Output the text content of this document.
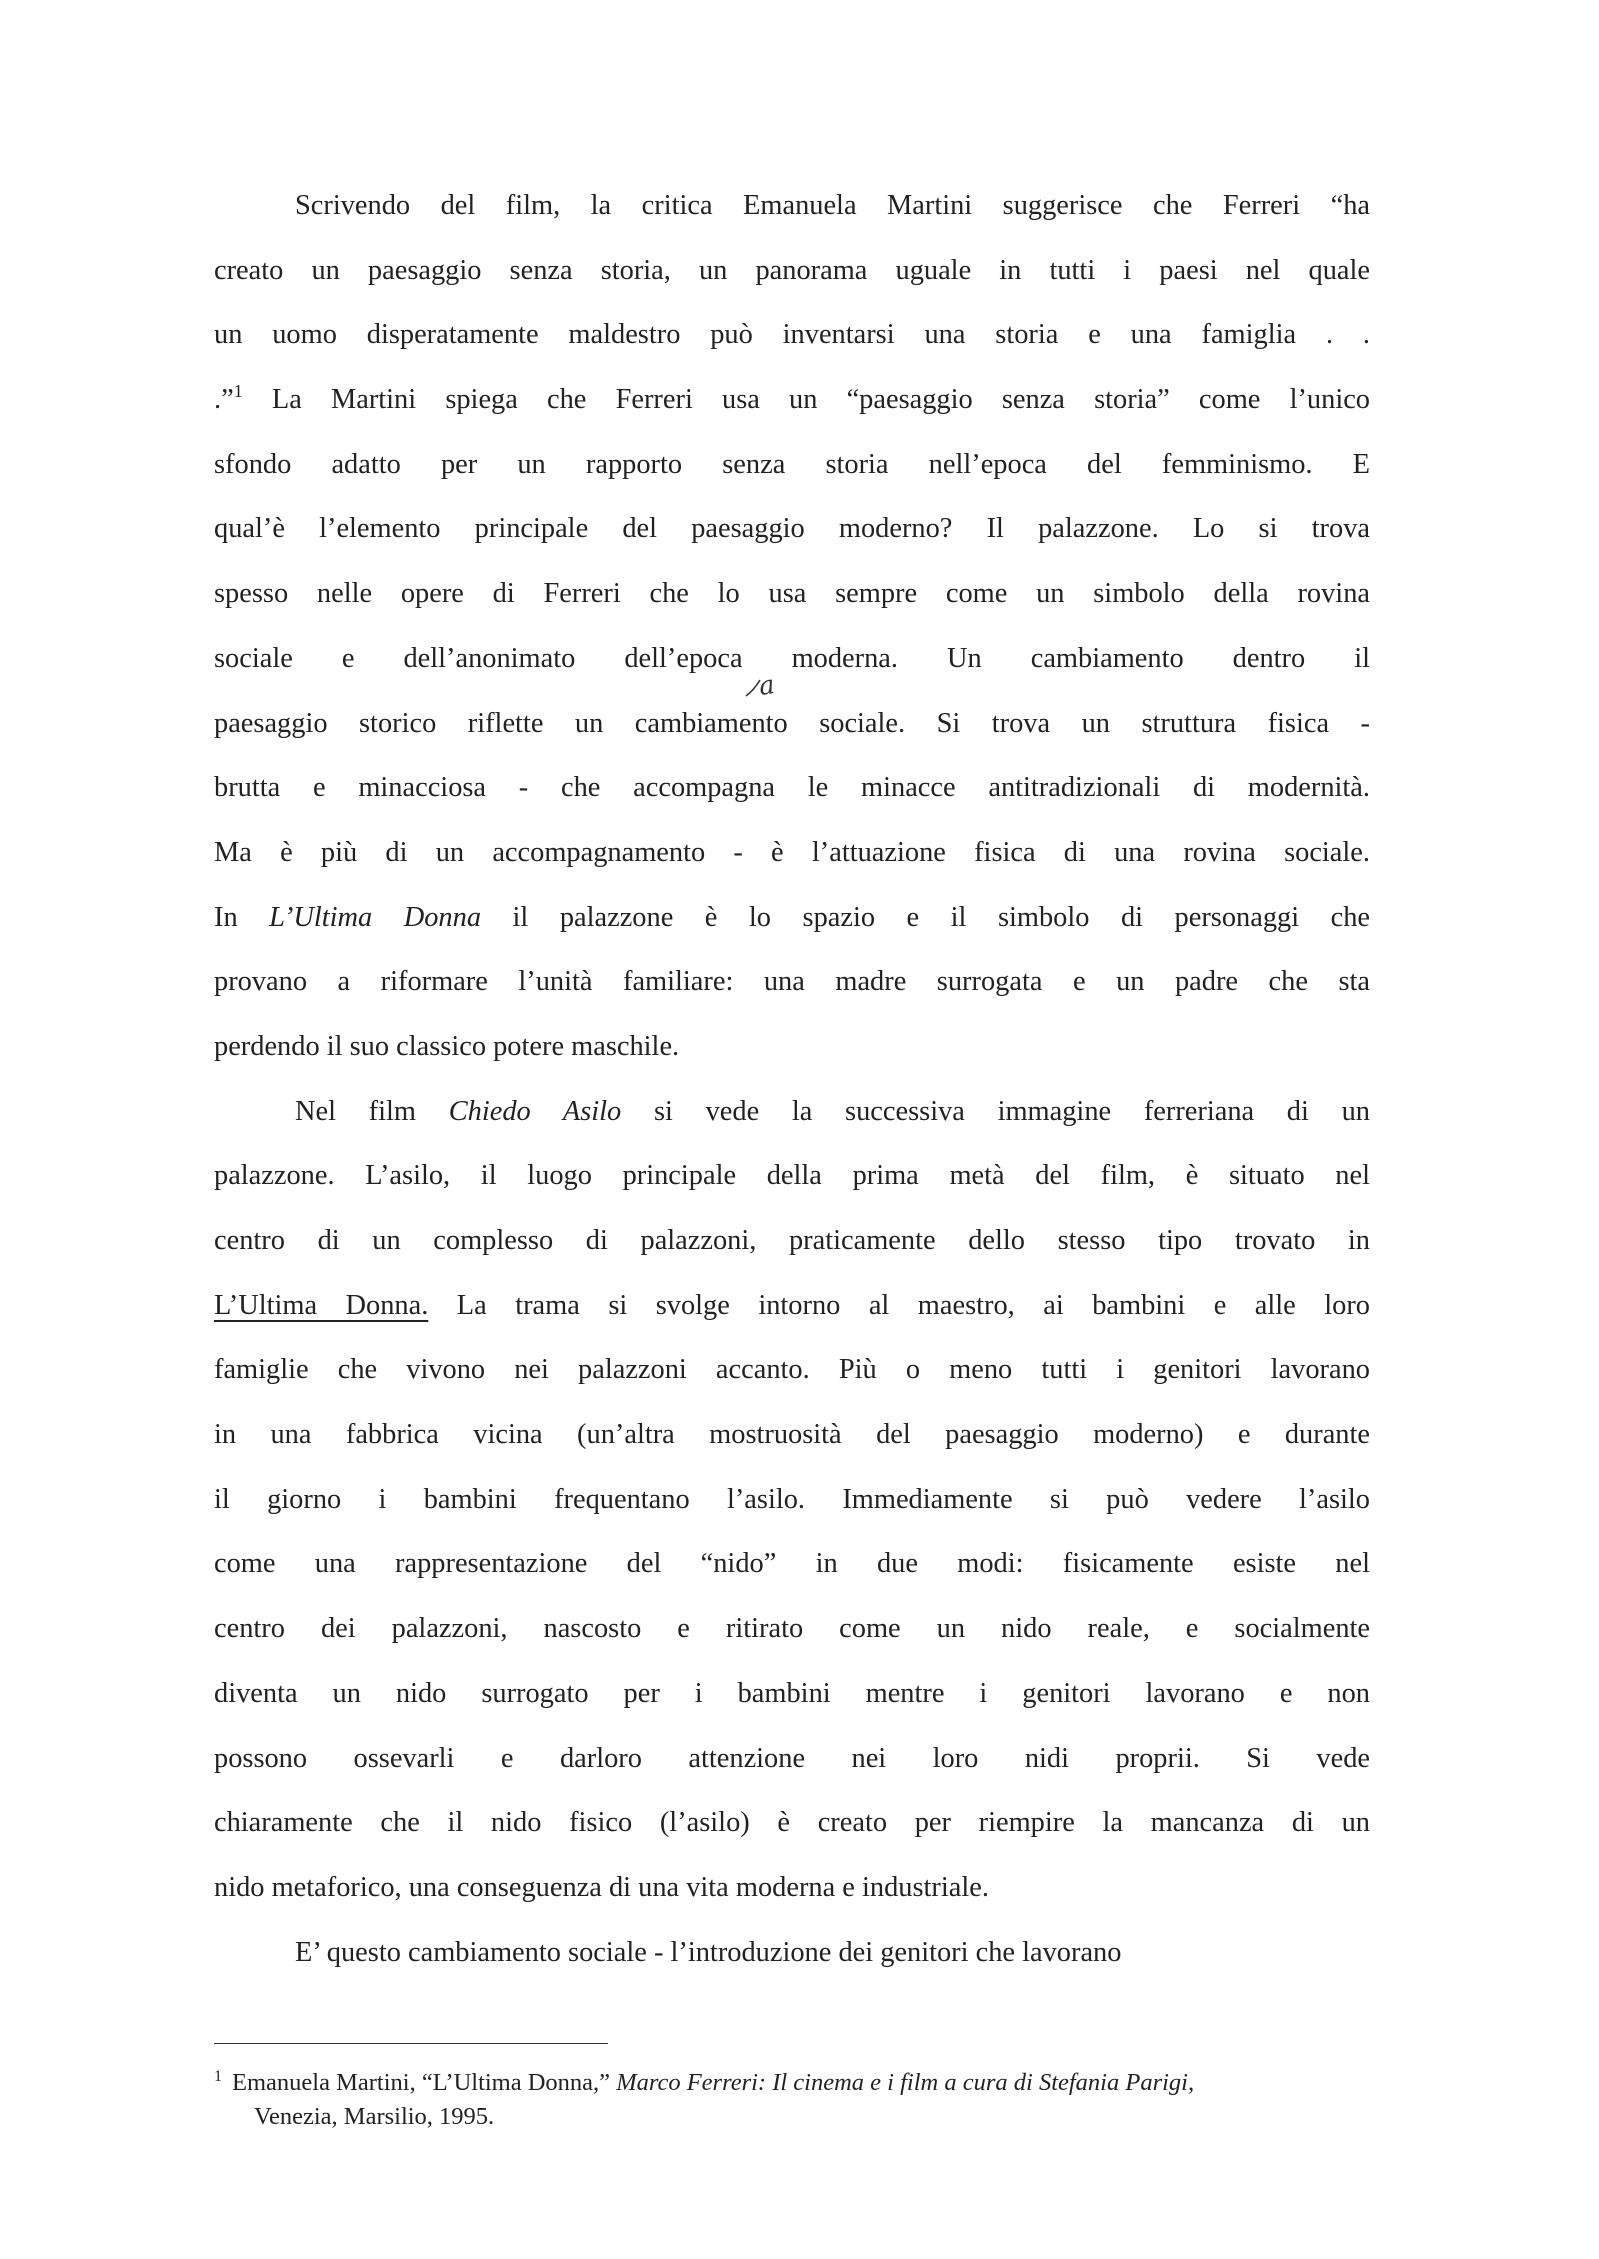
Scrivendo del film, la critica Emanuela Martini suggerisce che Ferreri “ha
creato un paesaggio senza storia, un panorama uguale in tutti i paesi nel quale
un uomo disperatamente maldestro può inventarsi una storia e una famiglia . .
.”$^1$ La Martini spiega che Ferreri usa un “paesaggio senza storia” come l’unico
sfondo adatto per un rapporto senza storia nell’epoca del femminismo. E
qual’è l’elemento principale del paesaggio moderno? Il palazzone. Lo si trova
spesso nelle opere di Ferreri che lo usa sempre come un simbolo della rovina
sociale e dell’anonimato dell’epoca moderna. Un cambiamento dentro il
paesaggio storico riflette un cambiamento sociale. Si trova un struttura fisica -
brutta e minacciosa - che accompagna le minacce antitradizionali di modernità.
Ma è più di un accompagnamento - è l’attuazione fisica di una rovina sociale.
In L’Ultima Donna il palazzone è lo spazio e il simbolo di personaggi che
provano a riformare l’unità familiare: una madre surrogata e un padre che sta
perdendo il suo classico potere maschile.
Nel film Chiedo Asilo si vede la successiva immagine ferreriana di un
palazzone. L’asilo, il luogo principale della prima metà del film, è situato nel
centro di un complesso di palazzoni, praticamente dello stesso tipo trovato in
L’Ultima Donna. La trama si svolge intorno al maestro, ai bambini e alle loro
famiglie che vivono nei palazzoni accanto. Più o meno tutti i genitori lavorano
in una fabbrica vicina (un’altra mostruosità del paesaggio moderno) e durante
il giorno i bambini frequentano l’asilo. Immediamente si può vedere l’asilo
come una rappresentazione del “nido” in due modi: fisicamente esiste nel
centro dei palazzoni, nascosto e ritirato come un nido reale, e socialmente
diventa un nido surrogato per i bambini mentre i genitori lavorano e non
possono ossevarli e darloro attenzione nei loro nidi proprii. Si vede
chiaramente che il nido fisico (l’asilo) è creato per riempire la mancanza di un
nido metaforico, una conseguenza di una vita moderna e industriale.
E’ questo cambiamento sociale - l’introduzione dei genitori che lavorano
a
$^1$ Emanuela Martini, “L’Ultima Donna,” Marco Ferreri: Il cinema e i film a cura di Stefania Parigi,
Venezia, Marsilio, 1995.
